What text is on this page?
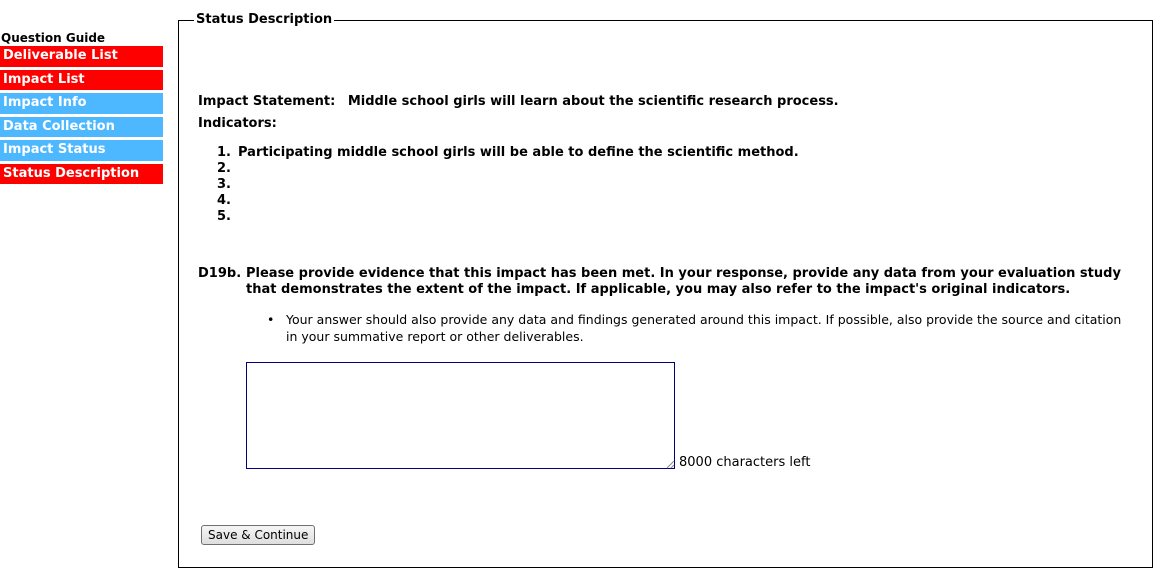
Question Guide
Deliverable List
Impact List
Impact Info
Data Collection
Impact Status
Status Description
Status Description
Impact Statement: Middle school girls will learn about the scientific research process.
Indicators:
1. Participating middle school girls will be able to define the scientific method.
2.
3.
4.
5.
D19b. Please provide evidence that this impact has been met. In your response, provide any data from your evaluation study that demonstrates the extent of the impact. If applicable, you may also refer to the impact's original indicators.
• Your answer should also provide any data and findings generated around this impact. If possible, also provide the source and citation in your summative report or other deliverables.
8000 characters left
Save & Continue
